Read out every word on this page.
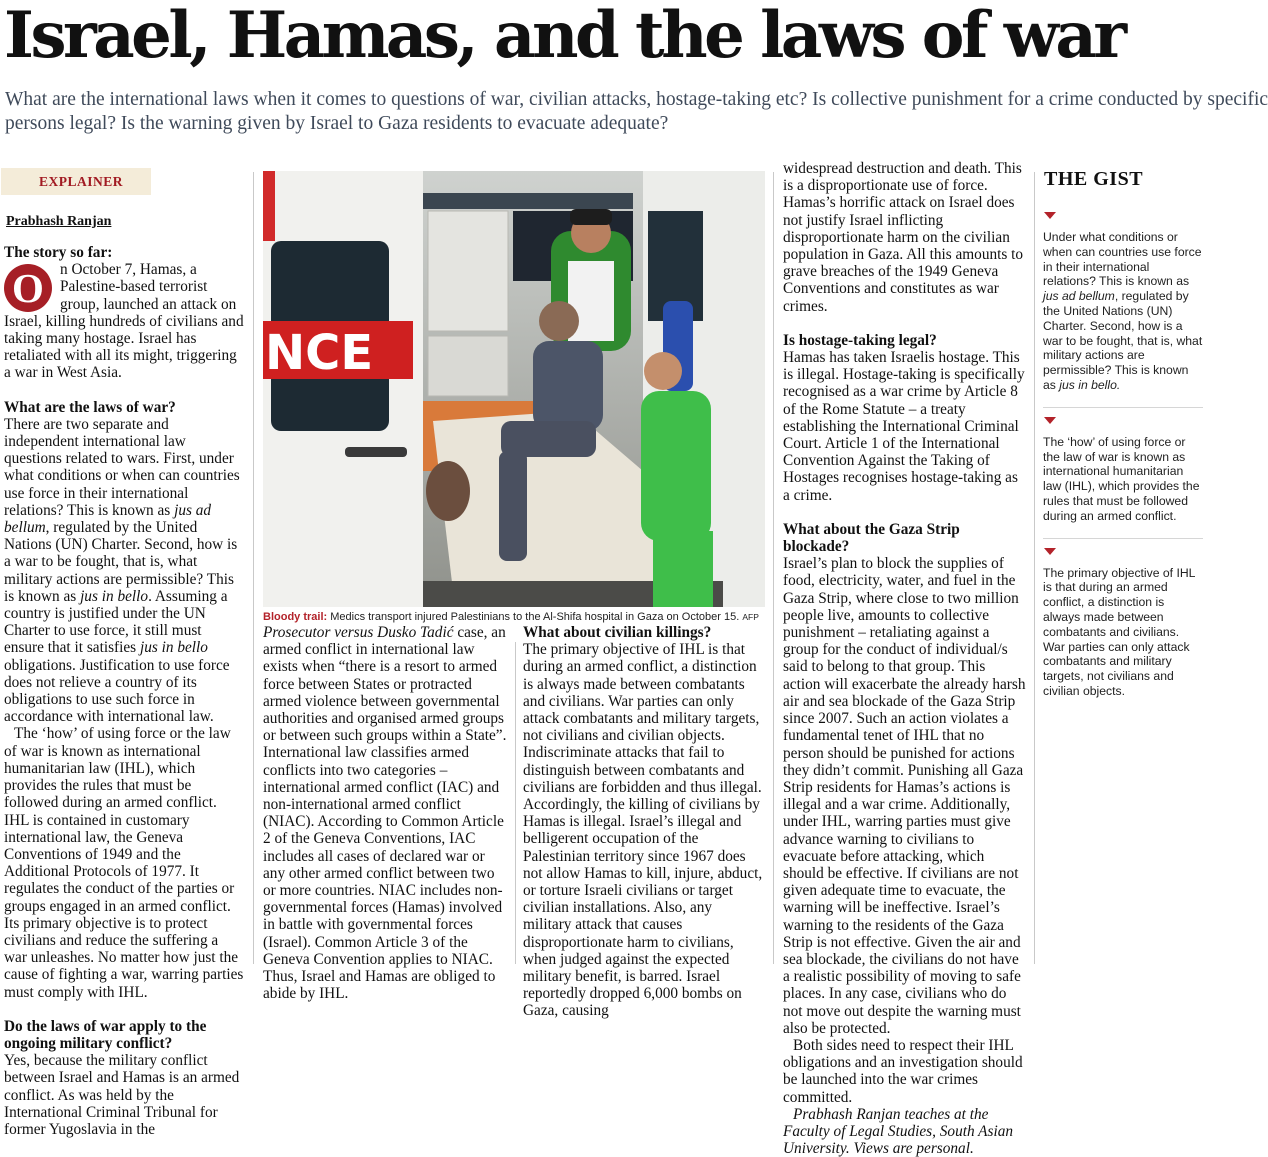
Israel, Hamas, and the laws of war
What are the international laws when it comes to questions of war, civilian attacks, hostage-taking etc? Is collective punishment for a crime conducted by specific
persons legal? Is the warning given by Israel to Gaza residents to evacuate adequate?
EXPLAINER
Prabhash Ranjan

The story so far:

O	n October 7, Hamas, a Palestine-based terrorist group, launched an attack on Israel, killing hundreds of civilians and taking many hostage. Israel has retaliated with all its might, triggering a war in West Asia.

What are the laws of war?

There are two separate and independent international law questions related to wars. First, under what conditions or when can countries use force in their international relations? This is known as jus ad bellum, regulated by the United Nations (UN) Charter. Second, how is a war to be fought, that is, what military actions are permissible? This is known as jus in bello. Assuming a country is justified under the UN Charter to use force, it still must ensure that it satisfies jus in bello obligations. Justification to use force does not relieve a country of its obligations to use such force in accordance with international law.

The ‘how’ of using force or the law of war is known as international humanitarian law (IHL), which provides the rules that must be followed during an armed conflict. IHL is contained in customary international law, the Geneva Conventions of 1949 and the Additional Protocols of 1977. It regulates the conduct of the parties or groups engaged in an armed conflict. Its primary objective is to protect civilians and reduce the suffering a war unleashes. No matter how just the cause of fighting a war, warring parties must comply with IHL.

Do the laws of war apply to the ongoing military conflict?

Yes, because the military conflict between Israel and Hamas is an armed conflict. As was held by the International Criminal Tribunal for former Yugoslavia in the

NCE
Bloody trail: Medics transport injured Palestinians to the Al-Shifa hospital in Gaza on October 15. AFP

Prosecutor versus Dusko Tadić case, an armed conflict in international law exists when “there is a resort to armed force between States or protracted armed violence between governmental authorities and organised armed groups or between such groups within a State”. International law classifies armed conflicts into two categories – international armed conflict (IAC) and non-international armed conflict (NIAC). According to Common Article 2 of the Geneva Conventions, IAC includes all cases of declared war or any other armed conflict between two or more countries. NIAC includes non-governmental forces (Hamas) involved in battle with governmental forces (Israel). Common Article 3 of the Geneva Convention applies to NIAC. Thus, Israel and Hamas are obliged to abide by IHL.

What about civilian killings?

The primary objective of IHL is that during an armed conflict, a distinction is always made between combatants and civilians. War parties can only attack combatants and military targets, not civilians and civilian objects. Indiscriminate attacks that fail to distinguish between combatants and civilians are forbidden and thus illegal. Accordingly, the killing of civilians by Hamas is illegal. Israel’s illegal and belligerent occupation of the Palestinian territory since 1967 does not allow Hamas to kill, injure, abduct, or torture Israeli civilians or target civilian installations. Also, any military attack that causes disproportionate harm to civilians, when judged against the expected military benefit, is barred. Israel reportedly dropped 6,000 bombs on Gaza, causing

widespread destruction and death. This is a disproportionate use of force. Hamas’s horrific attack on Israel does not justify Israel inflicting disproportionate harm on the civilian population in Gaza. All this amounts to grave breaches of the 1949 Geneva Conventions and constitutes as war crimes.

Is hostage-taking legal?

Hamas has taken Israelis hostage. This is illegal. Hostage-taking is specifically recognised as a war crime by Article 8 of the Rome Statute – a treaty establishing the International Criminal Court. Article 1 of the International Convention Against the Taking of Hostages recognises hostage-taking as a crime.

What about the Gaza Strip blockade?

Israel’s plan to block the supplies of food, electricity, water, and fuel in the Gaza Strip, where close to two million people live, amounts to collective punishment – retaliating against a group for the conduct of individual/s said to belong to that group. This action will exacerbate the already harsh air and sea blockade of the Gaza Strip since 2007. Such an action violates a fundamental tenet of IHL that no person should be punished for actions they didn’t commit. Punishing all Gaza Strip residents for Hamas’s actions is illegal and a war crime. Additionally, under IHL, warring parties must give advance warning to civilians to evacuate before attacking, which should be effective. If civilians are not given adequate time to evacuate, the warning will be ineffective. Israel’s warning to the residents of the Gaza Strip is not effective. Given the air and sea blockade, the civilians do not have a realistic possibility of moving to safe places. In any case, civilians who do not move out despite the warning must also be protected.

Both sides need to respect their IHL obligations and an investigation should be launched into the war crimes committed.

Prabhash Ranjan teaches at the Faculty of Legal Studies, South Asian University. Views are personal.

THE GIST
Under what conditions or when can countries use force in their international relations? This is known as jus ad bellum, regulated by the United Nations (UN) Charter. Second, how is a war to be fought, that is, what military actions are permissible? This is known as jus in bello.
The ‘how’ of using force or the law of war is known as international humanitarian law (IHL), which provides the rules that must be followed during an armed conflict.
The primary objective of IHL is that during an armed conflict, a distinction is always made between combatants and civilians. War parties can only attack combatants and military targets, not civilians and civilian objects.
